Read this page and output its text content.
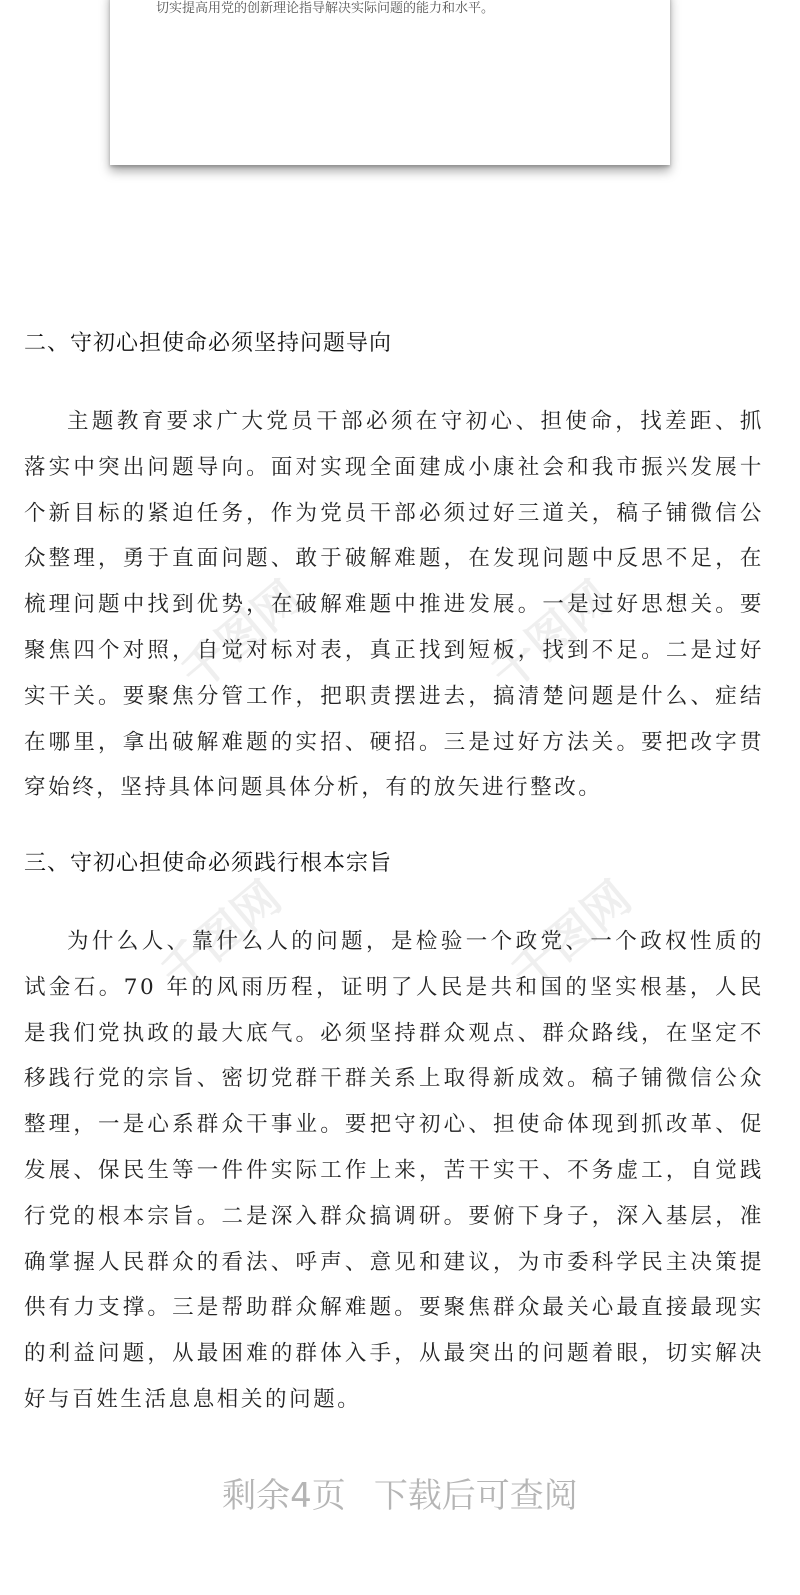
切实提高用党的创新理论指导解决实际问题的能力和水平。
千图网	千图网
千图网	千图网
二、守初心担使命必须坚持问题导向

主题教育要求广大党员干部必须在守初心、担使命，找差距、抓落实中突出问题导向。面对实现全面建成小康社会和我市振兴发展十个新目标的紧迫任务，作为党员干部必须过好三道关，稿子铺微信公众整理，勇于直面问题、敢于破解难题，在发现问题中反思不足，在梳理问题中找到优势，在破解难题中推进发展。一是过好思想关。要聚焦四个对照，自觉对标对表，真正找到短板，找到不足。二是过好实干关。要聚焦分管工作，把职责摆进去，搞清楚问题是什么、症结在哪里，拿出破解难题的实招、硬招。三是过好方法关。要把改字贯穿始终，坚持具体问题具体分析，有的放矢进行整改。

三、守初心担使命必须践行根本宗旨

为什么人、靠什么人的问题，是检验一个政党、一个政权性质的试金石。70 年的风雨历程，证明了人民是共和国的坚实根基，人民是我们党执政的最大底气。必须坚持群众观点、群众路线，在坚定不移践行党的宗旨、密切党群干群关系上取得新成效。稿子铺微信公众整理，一是心系群众干事业。要把守初心、担使命体现到抓改革、促发展、保民生等一件件实际工作上来，苦干实干、不务虚工，自觉践行党的根本宗旨。二是深入群众搞调研。要俯下身子，深入基层，准确掌握人民群众的看法、呼声、意见和建议，为市委科学民主决策提供有力支撑。三是帮助群众解难题。要聚焦群众最关心最直接最现实的利益问题，从最困难的群体入手，从最突出的问题着眼，切实解决好与百姓生活息息相关的问题。

剩余4页 下载后可查阅
